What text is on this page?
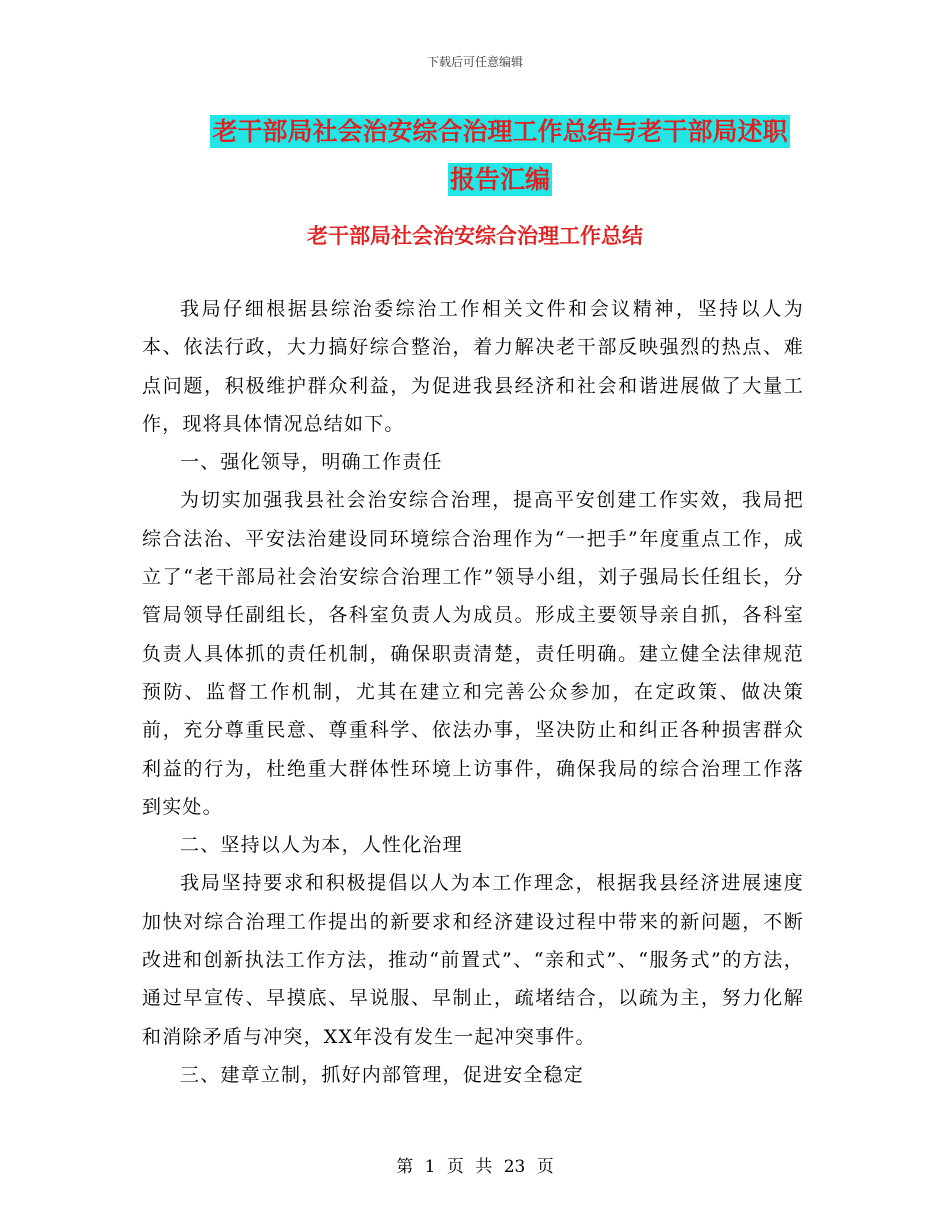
下载后可任意编辑
老干部局社会治安综合治理工作总结与老干部局述职
报告汇编
老干部局社会治安综合治理工作总结

我局仔细根据县综治委综治工作相关文件和会议精神，坚持以人为本、依法行政，大力搞好综合整治，着力解决老干部反映强烈的热点、难点问题，积极维护群众利益，为促进我县经济和社会和谐进展做了大量工作，现将具体情况总结如下。

一、强化领导，明确工作责任

为切实加强我县社会治安综合治理，提高平安创建工作实效，我局把综合法治、平安法治建设同环境综合治理作为“一把手”年度重点工作，成立了“老干部局社会治安综合治理工作”领导小组，刘子强局长任组长，分管局领导任副组长，各科室负责人为成员。形成主要领导亲自抓，各科室负责人具体抓的责任机制，确保职责清楚，责任明确。建立健全法律规范预防、监督工作机制，尤其在建立和完善公众参加，在定政策、做决策前，充分尊重民意、尊重科学、依法办事，坚决防止和纠正各种损害群众利益的行为，杜绝重大群体性环境上访事件，确保我局的综合治理工作落到实处。

二、坚持以人为本，人性化治理

我局坚持要求和积极提倡以人为本工作理念，根据我县经济进展速度加快对综合治理工作提出的新要求和经济建设过程中带来的新问题，不断改进和创新执法工作方法，推动“前置式”、“亲和式”、“服务式”的方法，通过早宣传、早摸底、早说服、早制止，疏堵结合，以疏为主，努力化解和消除矛盾与冲突，XX年没有发生一起冲突事件。

三、建章立制，抓好内部管理，促进安全稳定

第 1 页 共 23 页
